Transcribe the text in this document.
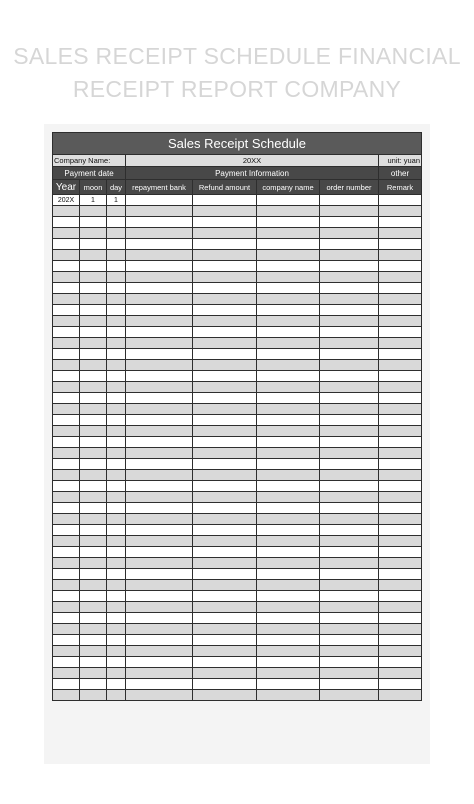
SALES RECEIPT SCHEDULE FINANCIAL
RECEIPT REPORT COMPANY
Sales Receipt Schedule							
Company Name:			20XX				unit: yuan
Payment date			Payment Information				other
Year	moon	day	repayment bank	Refund amount	company name	order number	Remark
202X	1	1					
